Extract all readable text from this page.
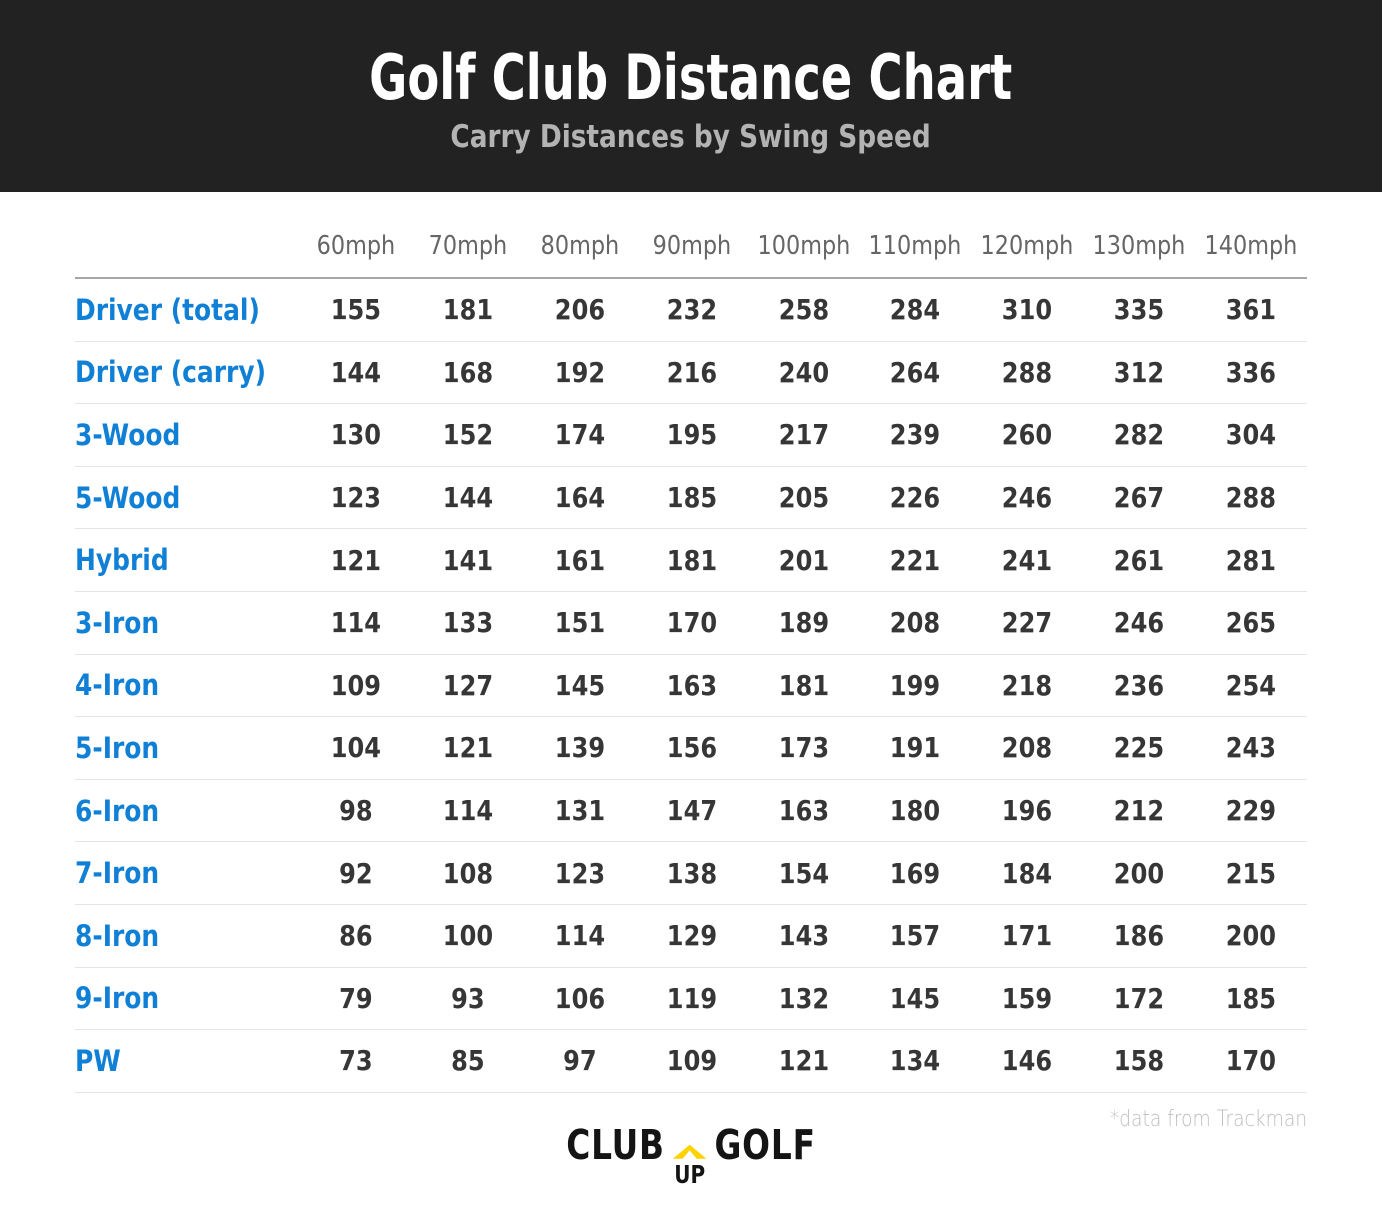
Golf Club Distance Chart
Carry Distances by Swing Speed
60mph	70mph	80mph	90mph	100mph 110mph 120mph 130mph 140mph
Driver (total)	155	181	206	232	258	284	310	335	361
Driver (carry)	144	168	192	216	240	264	288	312	336
3-Wood	130	152	174	195	217	239	260	282	304
5-Wood	123	144	164	185	205	226	246	267	288
Hybrid	121	141	161	181	201	221	241	261	281
3-Iron	114	133	151	170	189	208	227	246	265
4-Iron	109	127	145	163	181	199	218	236	254
5-Iron	104	121	139	156	173	191	208	225	243
6-Iron	98	114	131	147	163	180	196	212	229
7-Iron	92	108	123	138	154	169	184	200	215
8-Iron	86	100	114	129	143	157	171	186	200
9-Iron	79	93	106	119	132	145	159	172	185
PW	73	85	97	109	121	134	146	158	170
*data from Trackman
CLUB
UP
GOLF
